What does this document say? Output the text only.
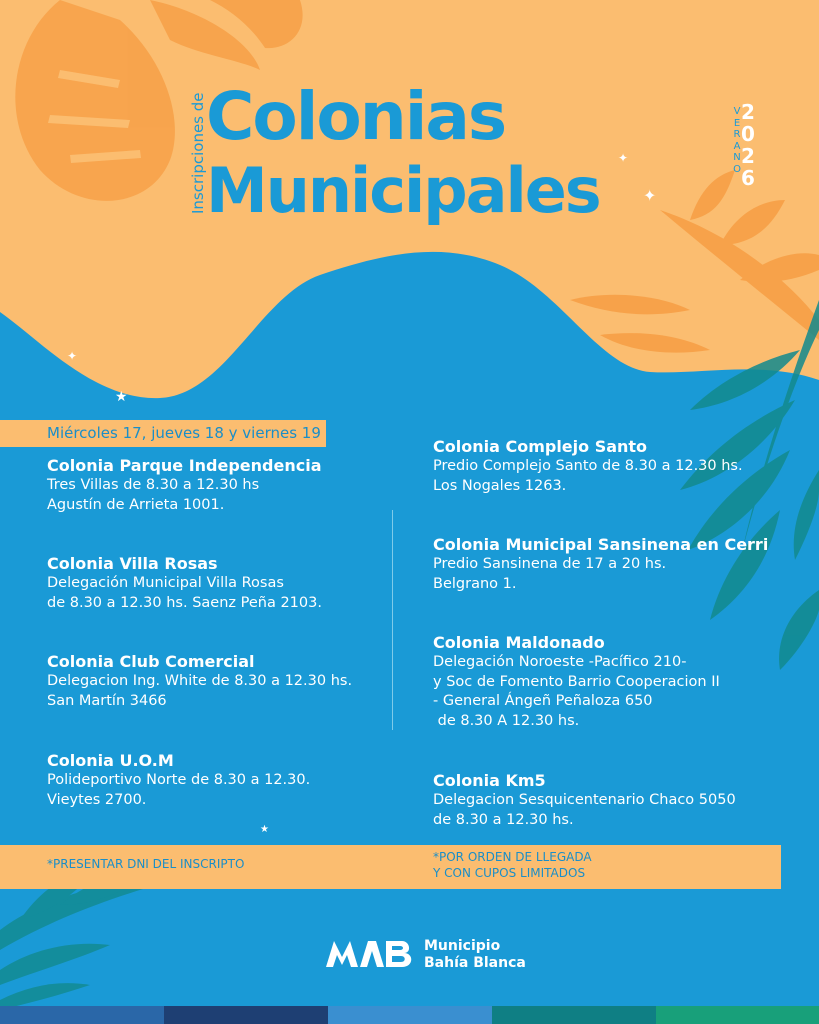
✦
✦
✦
★
★
Inscripciones de Colonias
Municipales
V
E
R
A
N
O
2
0
2
6
Miércoles 17, jueves 18 y viernes 19
Colonia Parque Independencia
Tres Villas de 8.30 a 12.30 hs
Agustín de Arrieta 1001.
Colonia Villa Rosas
Delegación Municipal Villa Rosas
de 8.30 a 12.30 hs. Saenz Peña 2103.
Colonia Club Comercial
Delegacion Ing. White de 8.30 a 12.30 hs.
San Martín 3466
Colonia U.O.M
Polideportivo Norte de 8.30 a 12.30.
Vieytes 2700.
Colonia Complejo Santo
Predio Complejo Santo de 8.30 a 12.30 hs.
Los Nogales 1263.
Colonia Municipal Sansinena en Cerri
Predio Sansinena de 17 a 20 hs.
Belgrano 1.
Colonia Maldonado
Delegación Noroeste -Pacífico 210-
y Soc de Fomento Barrio Cooperacion II
- General Ángeñ Peñaloza 650
de 8.30 A 12.30 hs.
Colonia Km5
Delegacion Sesquicentenario Chaco 5050
de 8.30 a 12.30 hs.
*PRESENTAR DNI DEL INSCRIPTO	*POR ORDEN DE LLEGADA
Y CON CUPOS LIMITADOS
Municipio
Bahía Blanca
